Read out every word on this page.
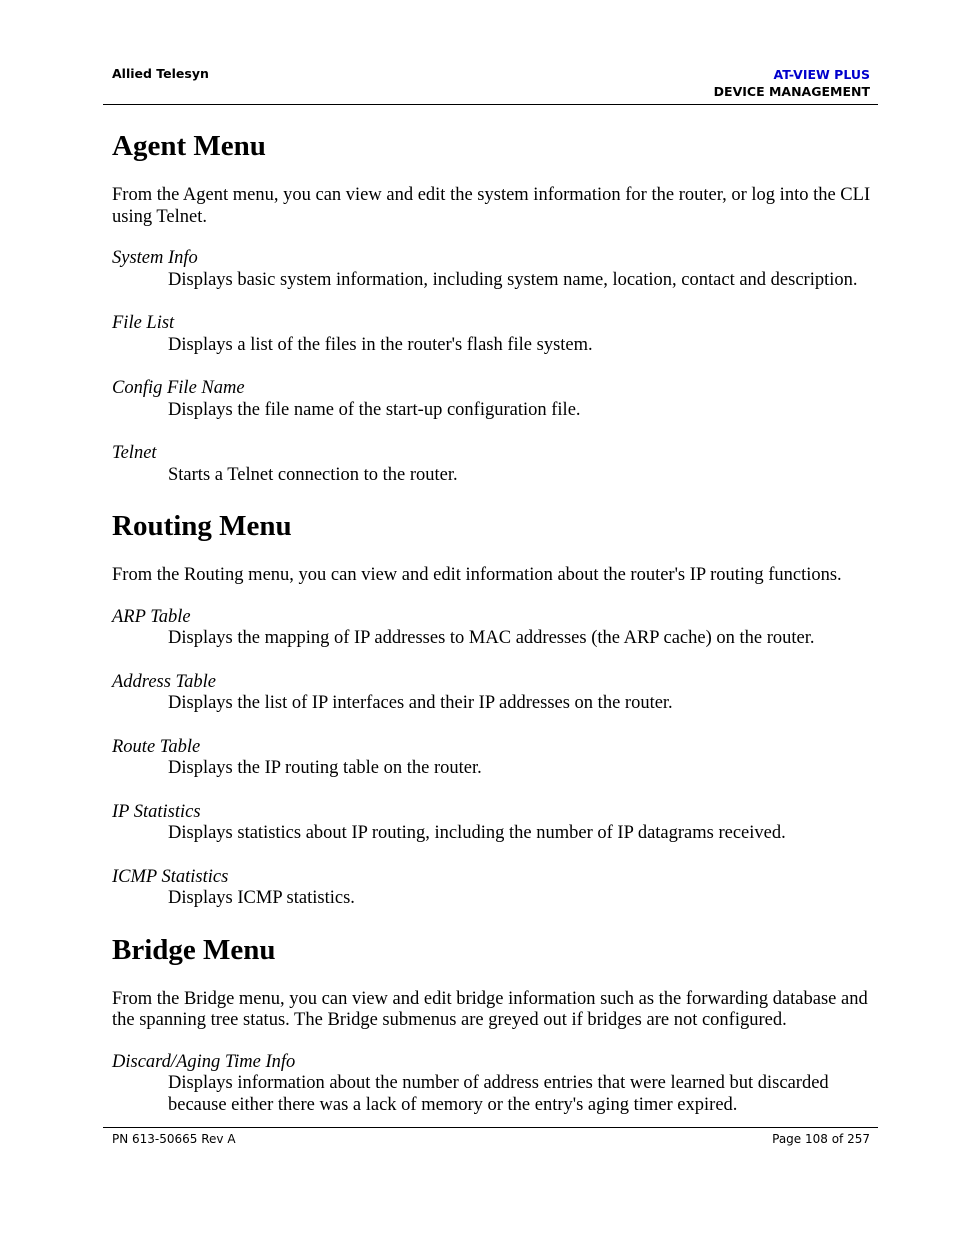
Allied Telesyn	AT-VIEW PLUS
DEVICE MANAGEMENT
Agent Menu

From the Agent menu, you can view and edit the system information for the router, or log into the CLI using Telnet.

System Info
Displays basic system information, including system name, location, contact and description.
File List
Displays a list of the files in the router's flash file system.
Config File Name
Displays the file name of the start-up configuration file.
Telnet
Starts a Telnet connection to the router.
Routing Menu

From the Routing menu, you can view and edit information about the router's IP routing functions.

ARP Table
Displays the mapping of IP addresses to MAC addresses (the ARP cache) on the router.
Address Table
Displays the list of IP interfaces and their IP addresses on the router.
Route Table
Displays the IP routing table on the router.
IP Statistics
Displays statistics about IP routing, including the number of IP datagrams received.
ICMP Statistics
Displays ICMP statistics.
Bridge Menu

From the Bridge menu, you can view and edit bridge information such as the forwarding database and the spanning tree status. The Bridge submenus are greyed out if bridges are not configured.

Discard/Aging Time Info
Displays information about the number of address entries that were learned but discarded because either there was a lack of memory or the entry's aging timer expired.
PN 613-50665 Rev A	Page 108 of 257
